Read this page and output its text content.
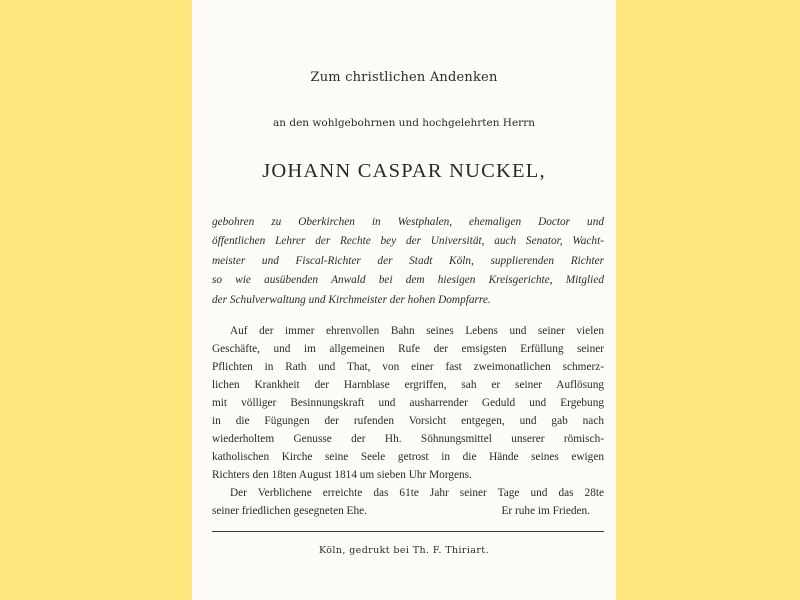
Zum christlichen Andenken
an den wohlgebohrnen und hochgelehrten Herrn
JOHANN CASPAR NUCKEL,
gebohren zu Oberkirchen in Westphalen, ehemaligen Doctor und
öffentlichen Lehrer der Rechte bey der Universität, auch Senator, Wacht-
meister und Fiscal-Richter der Stadt Köln, supplierenden Richter
so wie ausübenden Anwald bei dem hiesigen Kreisgerichte, Mitglied
der Schulverwaltung und Kirchmeister der hohen Dompfarre.
Auf der immer ehrenvollen Bahn seines Lebens und seiner vielen
Geschäfte, und im allgemeinen Rufe der emsigsten Erfüllung seiner
Pflichten in Rath und That, von einer fast zweimonatlichen schmerz-
lichen Krankheit der Harnblase ergriffen, sah er seiner Auflösung
mit völliger Besinnungskraft und ausharrender Geduld und Ergebung
in die Fügungen der rufenden Vorsicht entgegen, und gab nach
wiederholtem Genusse der Hh. Söhnungsmittel unserer römisch-
katholischen Kirche seine Seele getrost in die Hände seines ewigen
Richters den 18ten August 1814 um sieben Uhr Morgens.
Der Verblichene erreichte das 61te Jahr seiner Tage und das 28te
seiner friedlichen gesegneten Ehe.	Er ruhe im Frieden.
Köln, gedrukt bei Th. F. Thiriart.
